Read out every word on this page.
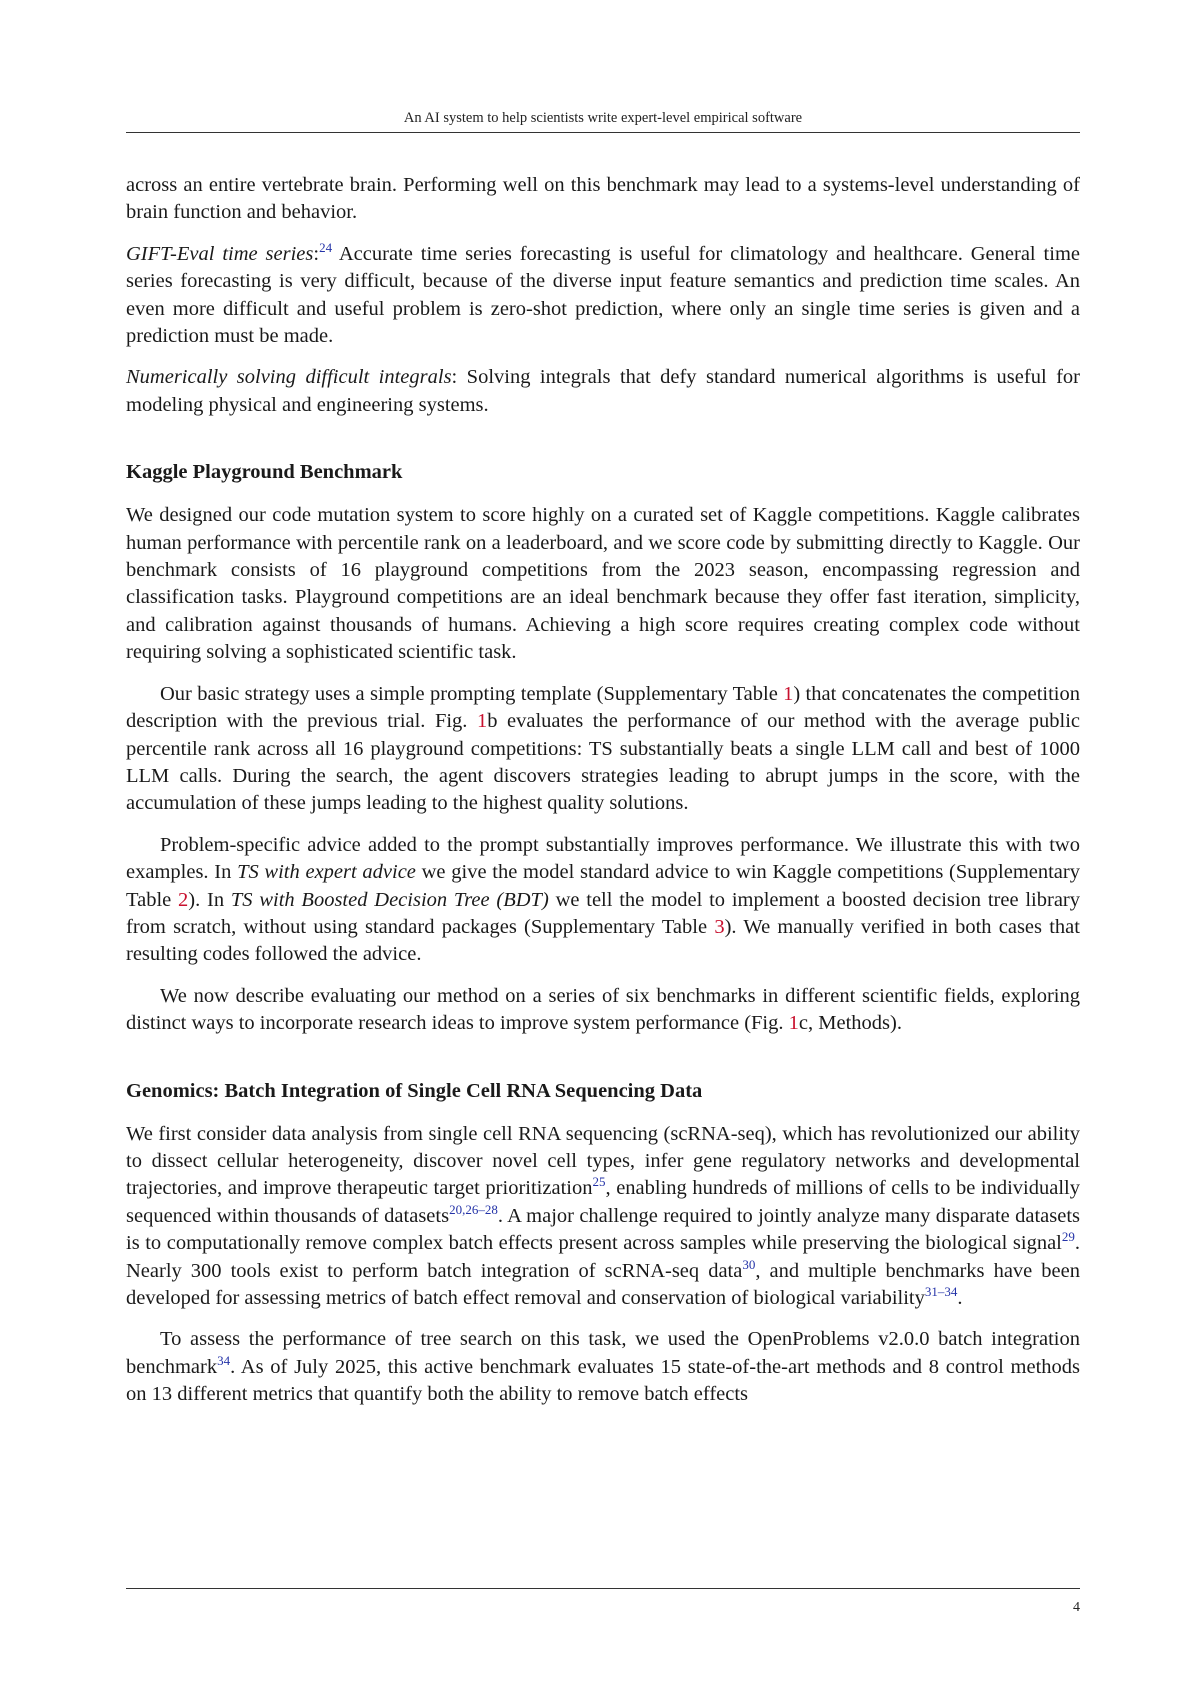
An AI system to help scientists write expert-level empirical software

across an entire vertebrate brain. Performing well on this benchmark may lead to a systems-level understanding of brain function and behavior.

GIFT-Eval time series:$^{24}$ Accurate time series forecasting is useful for climatology and healthcare. General time series forecasting is very difficult, because of the diverse input feature semantics and prediction time scales. An even more difficult and useful problem is zero-shot prediction, where only an single time series is given and a prediction must be made.

Numerically solving difficult integrals: Solving integrals that defy standard numerical algorithms is useful for modeling physical and engineering systems.

Kaggle Playground Benchmark

We designed our code mutation system to score highly on a curated set of Kaggle competitions. Kaggle calibrates human performance with percentile rank on a leaderboard, and we score code by submitting directly to Kaggle. Our benchmark consists of 16 playground competitions from the 2023 season, encompassing regression and classification tasks. Playground competitions are an ideal benchmark because they offer fast iteration, simplicity, and calibration against thousands of humans. Achieving a high score requires creating complex code without requiring solving a sophisticated scientific task.

Our basic strategy uses a simple prompting template (Supplementary Table 1) that concatenates the competition description with the previous trial. Fig. 1b evaluates the performance of our method with the average public percentile rank across all 16 playground competitions: TS substantially beats a single LLM call and best of 1000 LLM calls. During the search, the agent discovers strategies leading to abrupt jumps in the score, with the accumulation of these jumps leading to the highest quality solutions.

Problem-specific advice added to the prompt substantially improves performance. We illustrate this with two examples. In TS with expert advice we give the model standard advice to win Kaggle competitions (Supplementary Table 2). In TS with Boosted Decision Tree (BDT) we tell the model to implement a boosted decision tree library from scratch, without using standard packages (Supplementary Table 3). We manually verified in both cases that resulting codes followed the advice.

We now describe evaluating our method on a series of six benchmarks in different scientific fields, exploring distinct ways to incorporate research ideas to improve system performance (Fig. 1c, Methods).

Genomics: Batch Integration of Single Cell RNA Sequencing Data

We first consider data analysis from single cell RNA sequencing (scRNA-seq), which has revolutionized our ability to dissect cellular heterogeneity, discover novel cell types, infer gene regulatory networks and developmental trajectories, and improve therapeutic target prioritization$^{25}$, enabling hundreds of millions of cells to be individually sequenced within thousands of datasets$^{20,26-28}$. A major challenge required to jointly analyze many disparate datasets is to computationally remove complex batch effects present across samples while preserving the biological signal$^{29}$. Nearly 300 tools exist to perform batch integration of scRNA-seq data$^{30}$, and multiple benchmarks have been developed for assessing metrics of batch effect removal and conservation of biological variability$^{31-34}$.

To assess the performance of tree search on this task, we used the OpenProblems v2.0.0 batch integration benchmark$^{34}$. As of July 2025, this active benchmark evaluates 15 state-of-the-art methods and 8 control methods on 13 different metrics that quantify both the ability to remove batch effects

4
